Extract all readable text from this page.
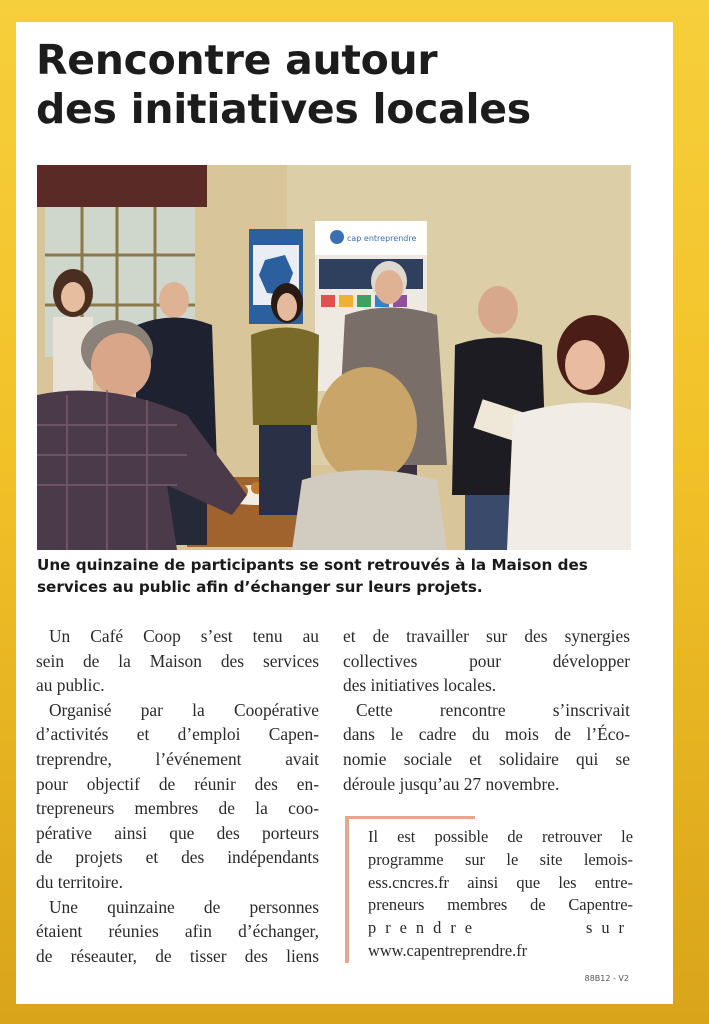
Rencontre autour
des initiatives locales
cap entreprendre
Une quinzaine de participants se sont retrouvés à la Maison des
services au public afin d’échanger sur leurs projets.
Un Café Coop s’est tenu au
sein de la Maison des services
au public.
Organisé par la Coopérative
d’activités et d’emploi Capen-
treprendre, l’événement avait
pour objectif de réunir des en-
trepreneurs membres de la coo-
pérative ainsi que des porteurs
de projets et des indépendants
du territoire.
Une quinzaine de personnes
étaient réunies afin d’échanger,
de réseauter, de tisser des liens
et de travailler sur des synergies
collectives pour développer
des initiatives locales.
Cette rencontre s’inscrivait
dans le cadre du mois de l’Éco-
nomie sociale et solidaire qui se
déroule jusqu’au 27 novembre.
Il est possible de retrouver le
programme sur le site lemois-
ess.cncres.fr ainsi que les entre-
preneurs membres de Capentre-
prendre sur
www.capentreprendre.fr
88B12 - V2
